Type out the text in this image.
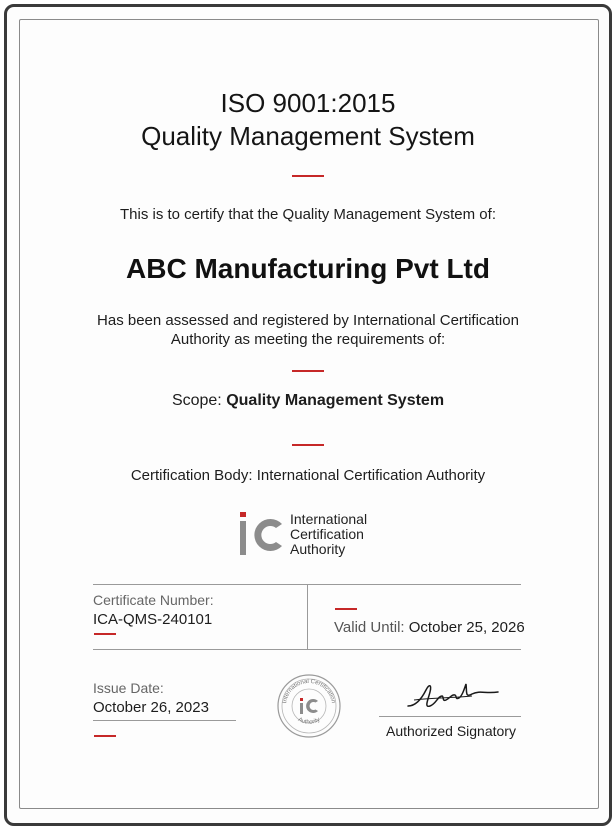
ISO 9001:2015
Quality Management System
This is to certify that the Quality Management System of:
ABC Manufacturing Pvt Ltd
Has been assessed and registered by International Certification
Authority as meeting the requirements of:
Scope: Quality Management System
Certification Body: International Certification Authority
International
Certification
Authority
Certificate Number:
ICA-QMS-240101	Valid Until: October 25, 2026
Issue Date:
October 26, 2023	International Certification
Authority
Authorized Signatory
